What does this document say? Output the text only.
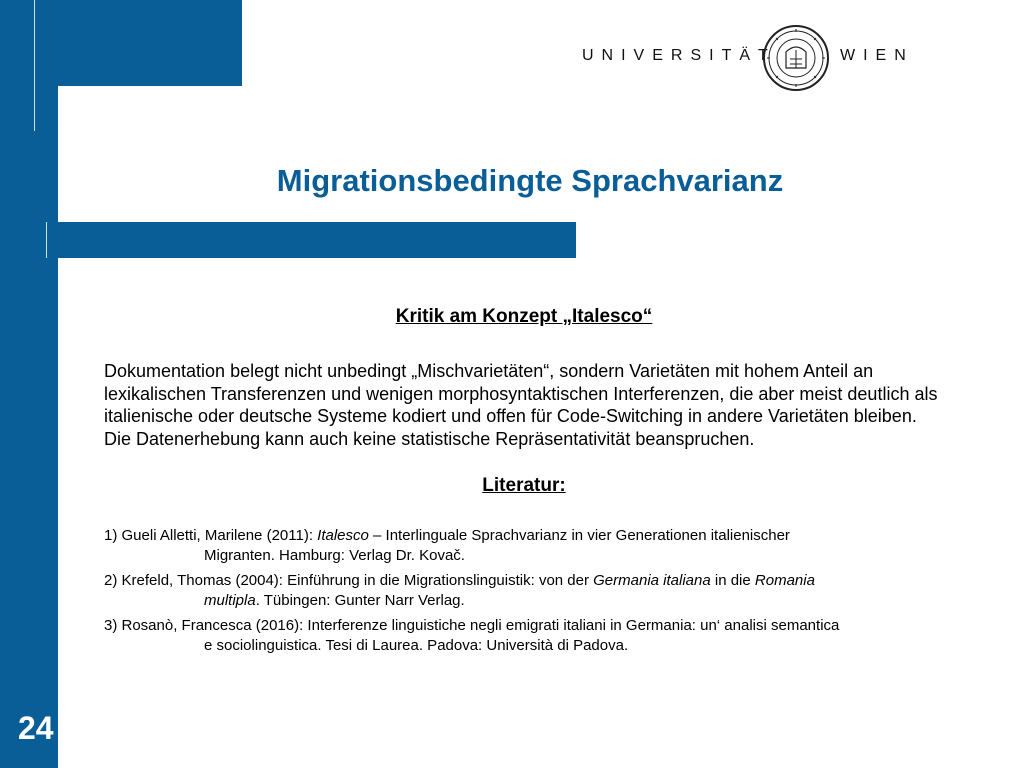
UNIVERSITÄT	WIEN
Migrationsbedingte Sprachvarianz
Kritik am Konzept „Italesco“
Dokumentation belegt nicht unbedingt „Mischvarietäten“, sondern Varietäten mit hohem Anteil an lexikalischen Transferenzen und wenigen morphosyntaktischen Interferenzen, die aber meist deutlich als italienische oder deutsche Systeme kodiert und offen für Code-Switching in andere Varietäten bleiben. Die Datenerhebung kann auch keine statistische Repräsentativität beanspruchen.
Literatur:
1) Gueli Alletti, Marilene (2011): Italesco – Interlinguale Sprachvarianz in vier Generationen italienischer
Migranten. Hamburg: Verlag Dr. Kovač.
2) Krefeld, Thomas (2004): Einführung in die Migrationslinguistik: von der Germania italiana in die Romania
multipla. Tübingen: Gunter Narr Verlag.
3) Rosanò, Francesca (2016): Interferenze linguistiche negli emigrati italiani in Germania: un‘ analisi semantica
e sociolinguistica. Tesi di Laurea. Padova: Università di Padova.
24
